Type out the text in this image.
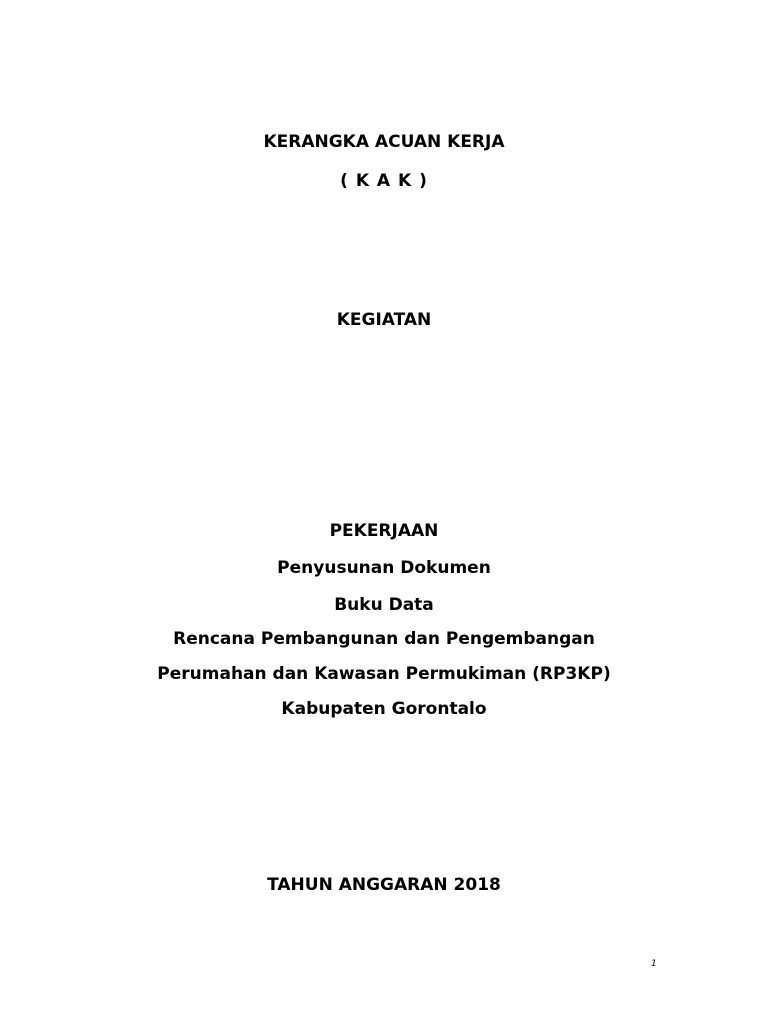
KERANGKA ACUAN KERJA
( K A K )
KEGIATAN
PEKERJAAN
Penyusunan Dokumen
Buku Data
Rencana Pembangunan dan Pengembangan
Perumahan dan Kawasan Permukiman (RP3KP)
Kabupaten Gorontalo
TAHUN ANGGARAN 2018
1
